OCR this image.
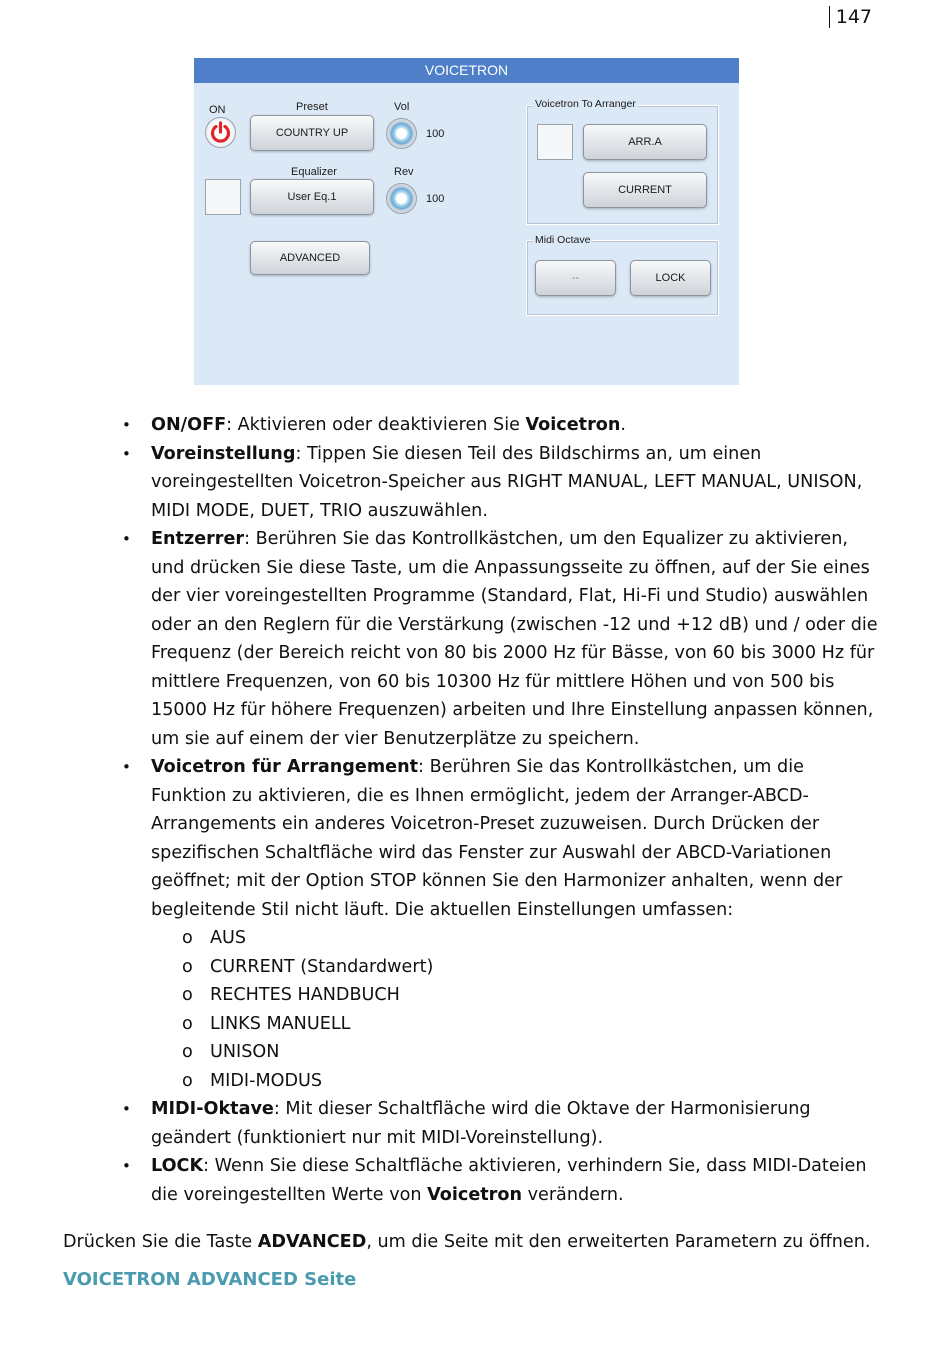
147
VOICETRON
ON	Preset
COUNTRY UP
Vol
100
Equalizer
User Eq.1
Rev
100
ADVANCED
Voicetron To Arranger
ARR.A
CURRENT
Midi Octave
--	LOCK
•	ON/OFF: Aktivieren oder deaktivieren Sie Voicetron.
•	Voreinstellung: Tippen Sie diesen Teil des Bildschirms an, um einen voreingestellten Voicetron-Speicher aus RIGHT MANUAL, LEFT MANUAL, UNISON, MIDI MODE, DUET, TRIO auszuwählen.
•	Entzerrer: Berühren Sie das Kontrollkästchen, um den Equalizer zu aktivieren, und drücken Sie diese Taste, um die Anpassungsseite zu öffnen, auf der Sie eines der vier voreingestellten Programme (Standard, Flat, Hi-Fi und Studio) auswählen oder an den Reglern für die Verstärkung (zwischen -12 und +12 dB) und / oder die Frequenz (der Bereich reicht von 80 bis 2000 Hz für Bässe, von 60 bis 3000 Hz für mittlere Frequenzen, von 60 bis 10300 Hz für mittlere Höhen und von 500 bis 15000 Hz für höhere Frequenzen) arbeiten und Ihre Einstellung anpassen können, um sie auf einem der vier Benutzerplätze zu speichern.
•	Voicetron für Arrangement: Berühren Sie das Kontrollkästchen, um die Funktion zu aktivieren, die es Ihnen ermöglicht, jedem der Arranger-ABCD-Arrangements ein anderes Voicetron-Preset zuzuweisen. Durch Drücken der spezifischen Schaltfläche wird das Fenster zur Auswahl der ABCD-Variationen geöffnet; mit der Option STOP können Sie den Harmonizer anhalten, wenn der begleitende Stil nicht läuft. Die aktuellen Einstellungen umfassen:
o AUS
o CURRENT (Standardwert)
o RECHTES HANDBUCH
o LINKS MANUELL
o UNISON
o MIDI-MODUS
•	MIDI-Oktave: Mit dieser Schaltfläche wird die Oktave der Harmonisierung geändert (funktioniert nur mit MIDI-Voreinstellung).
•	LOCK: Wenn Sie diese Schaltfläche aktivieren, verhindern Sie, dass MIDI-Dateien die voreingestellten Werte von Voicetron verändern.
Drücken Sie die Taste ADVANCED, um die Seite mit den erweiterten Parametern zu öffnen.
VOICETRON ADVANCED Seite
